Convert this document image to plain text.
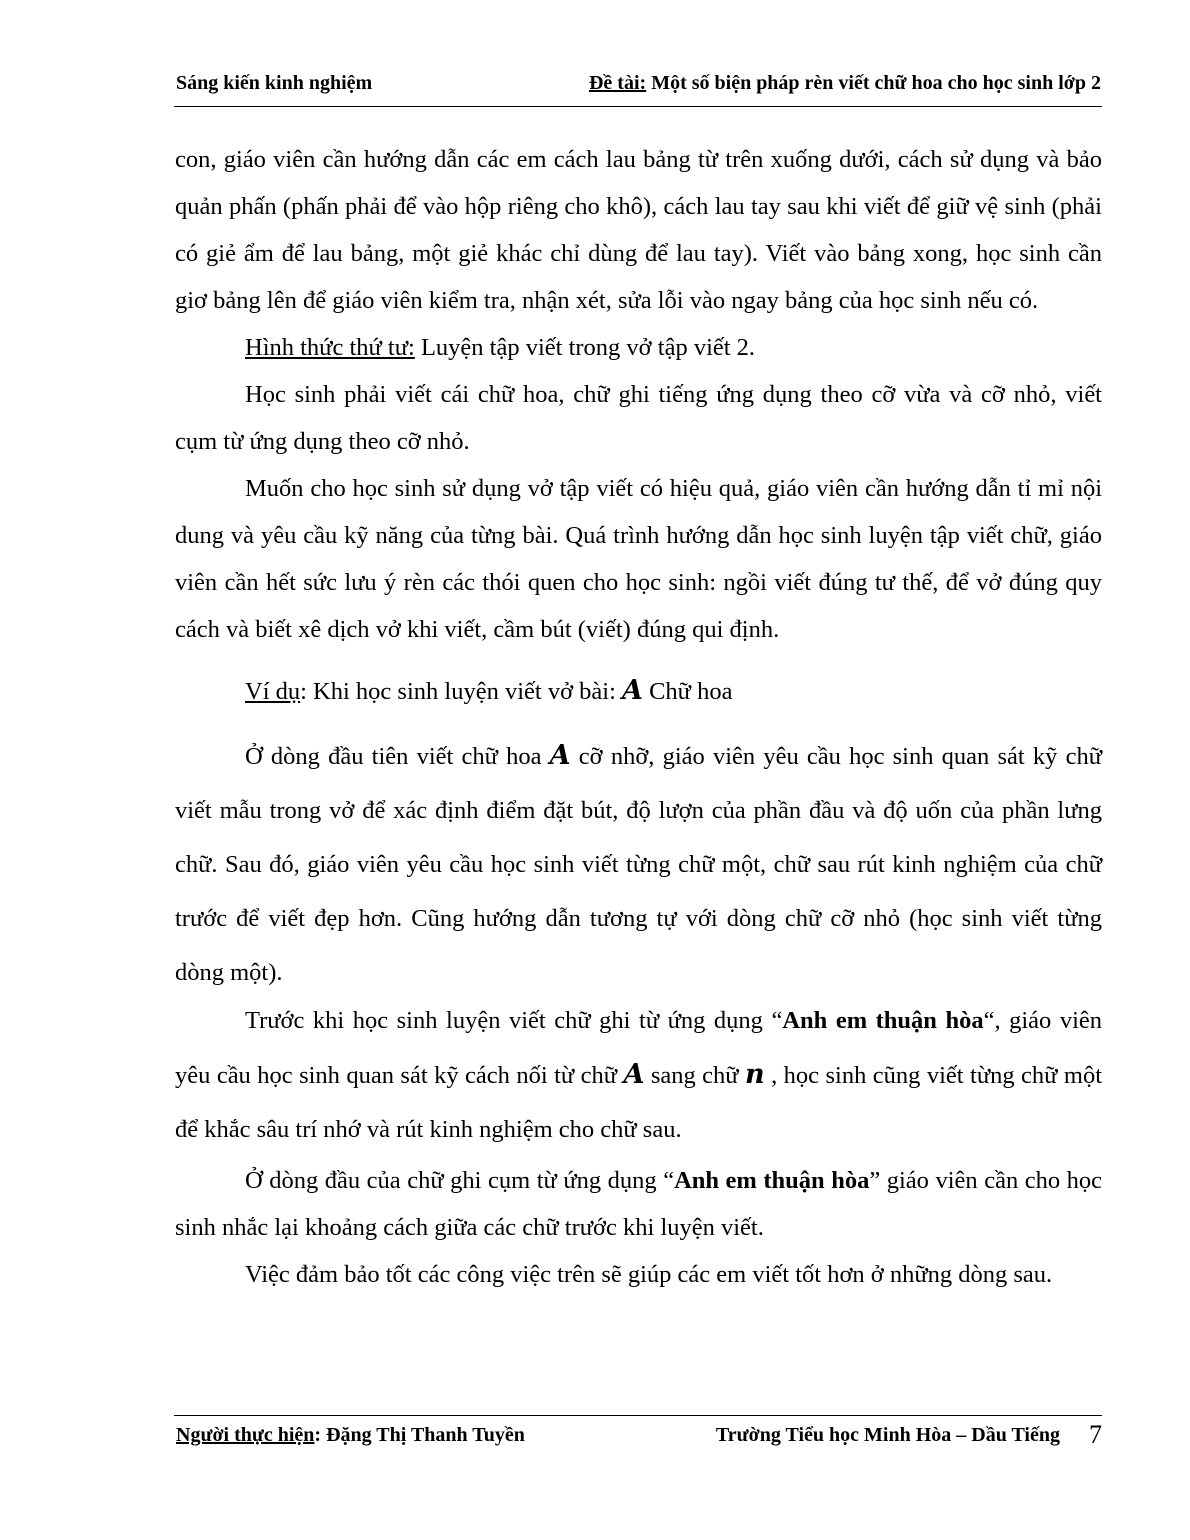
Sáng kiến kinh nghiệm	Đề tài: Một số biện pháp rèn viết chữ hoa cho học sinh lớp 2

con, giáo viên cần hướng dẫn các em cách lau bảng từ trên xuống dưới, cách sử dụng và bảo quản phấn (phấn phải để vào hộp riêng cho khô), cách lau tay sau khi viết để giữ vệ sinh (phải có giẻ ẩm để lau bảng, một giẻ khác chỉ dùng để lau tay). Viết vào bảng xong, học sinh cần giơ bảng lên để giáo viên kiểm tra, nhận xét, sửa lỗi vào ngay bảng của học sinh nếu có.

Hình thức thứ tư: Luyện tập viết trong vở tập viết 2.

Học sinh phải viết cái chữ hoa, chữ ghi tiếng ứng dụng theo cỡ vừa và cỡ nhỏ, viết cụm từ ứng dụng theo cỡ nhỏ.

Muốn cho học sinh sử dụng vở tập viết có hiệu quả, giáo viên cần hướng dẫn tỉ mỉ nội dung và yêu cầu kỹ năng của từng bài. Quá trình hướng dẫn học sinh luyện tập viết chữ, giáo viên cần hết sức lưu ý rèn các thói quen cho học sinh: ngồi viết đúng tư thế, để vở đúng quy cách và biết xê dịch vở khi viết, cầm bút (viết) đúng qui định.

Ví dụ: Khi học sinh luyện viết vở bài: A Chữ hoa

Ở dòng đầu tiên viết chữ hoa A cỡ nhỡ, giáo viên yêu cầu học sinh quan sát kỹ chữ viết mẫu trong vở để xác định điểm đặt bút, độ lượn của phần đầu và độ uốn của phần lưng chữ. Sau đó, giáo viên yêu cầu học sinh viết từng chữ một, chữ sau rút kinh nghiệm của chữ trước để viết đẹp hơn. Cũng hướng dẫn tương tự với dòng chữ cỡ nhỏ (học sinh viết từng dòng một).

Trước khi học sinh luyện viết chữ ghi từ ứng dụng “Anh em thuận hòa“, giáo viên yêu cầu học sinh quan sát kỹ cách nối từ chữ A sang chữ n , học sinh cũng viết từng chữ một để khắc sâu trí nhớ và rút kinh nghiệm cho chữ sau.

Ở dòng đầu của chữ ghi cụm từ ứng dụng “Anh em thuận hòa” giáo viên cần cho học sinh nhắc lại khoảng cách giữa các chữ trước khi luyện viết.

Việc đảm bảo tốt các công việc trên sẽ giúp các em viết tốt hơn ở những dòng sau.

Người thực hiện: Đặng Thị Thanh Tuyền	Trường Tiểu học Minh Hòa – Dầu Tiếng 7
